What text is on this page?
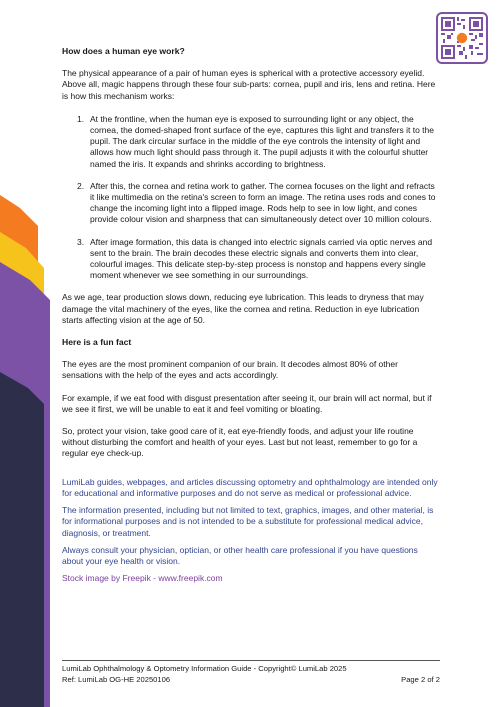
How does a human eye work?

The physical appearance of a pair of human eyes is spherical with a protective accessory eyelid. Above all, magic happens through these four sub-parts: cornea, pupil and iris, lens and retina. Here is how this mechanism works:

1. At the frontline, when the human eye is exposed to surrounding light or any object, the cornea, the domed-shaped front surface of the eye, captures this light and transfers it to the pupil. The dark circular surface in the middle of the eye controls the intensity of light and allows how much light should pass through it. The pupil adjusts it with the colourful shutter named the iris. It expands and shrinks according to brightness.
2. After this, the cornea and retina work to gather. The cornea focuses on the light and refracts it like multimedia on the retina's screen to form an image. The retina uses rods and cones to change the incoming light into a flipped image. Rods help to see in low light, and cones provide colour vision and sharpness that can simultaneously detect over 10 million colours.
3. After image formation, this data is changed into electric signals carried via optic nerves and sent to the brain. The brain decodes these electric signals and converts them into clear, colourful images. This delicate step-by-step process is nonstop and happens every single moment whenever we see something in our surroundings.

As we age, tear production slows down, reducing eye lubrication. This leads to dryness that may damage the vital machinery of the eyes, like the cornea and retina. Reduction in eye lubrication starts affecting vision at the age of 50.

Here is a fun fact

The eyes are the most prominent companion of our brain. It decodes almost 80% of other sensations with the help of the eyes and acts accordingly.

For example, if we eat food with disgust presentation after seeing it, our brain will act normal, but if we see it first, we will be unable to eat it and feel vomiting or bloating.

So, protect your vision, take good care of it, eat eye-friendly foods, and adjust your life routine without disturbing the comfort and health of your eyes. Last but not least, remember to go for a regular eye check-up.

LumiLab guides, webpages, and articles discussing optometry and ophthalmology are intended only for educational and informative purposes and do not serve as medical or professional advice.

The information presented, including but not limited to text, graphics, images, and other material, is for informational purposes and is not intended to be a substitute for professional medical advice, diagnosis, or treatment.

Always consult your physician, optician, or other health care professional if you have questions about your eye health or vision.

Stock image by Freepik - www.freepik.com

LumiLab Ophthalmology & Optometry Information Guide - Copyright© LumiLab 2025
Ref: LumiLab OG-HE 20250106	Page 2 of 2
